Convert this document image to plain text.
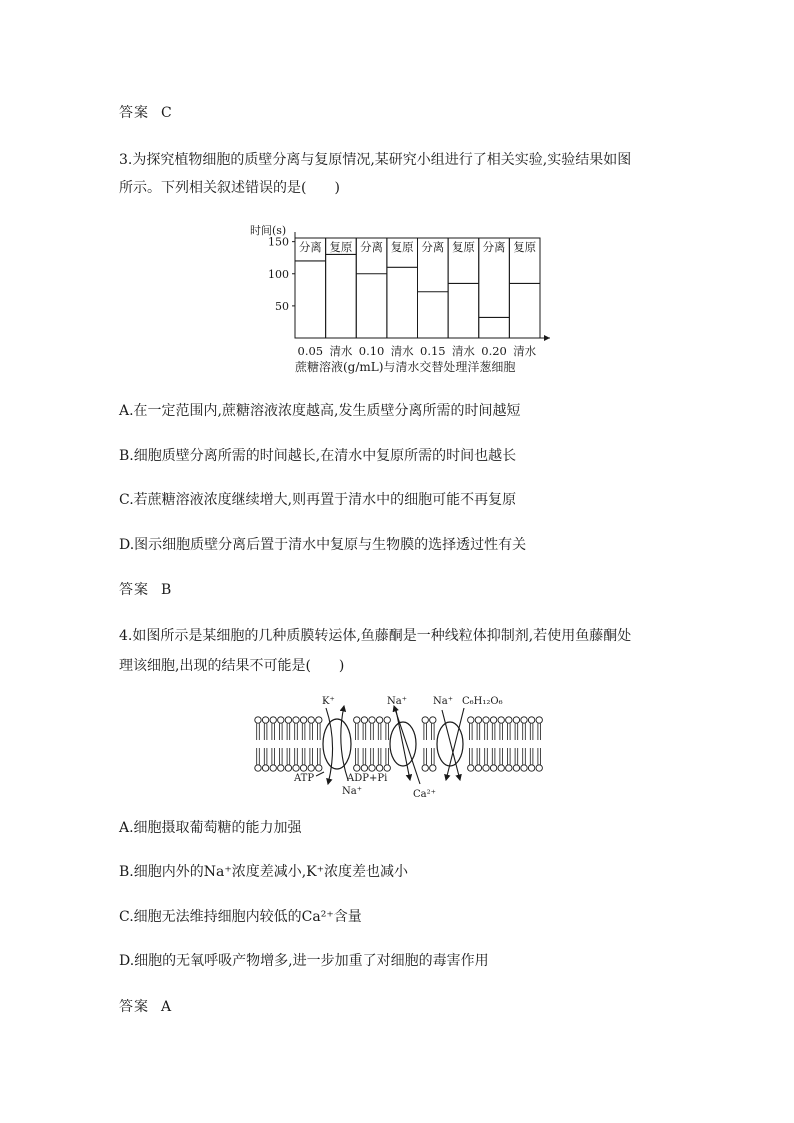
答案 C
3.为探究植物细胞的质壁分离与复原情况,某研究小组进行了相关实验,实验结果如图
所示。下列相关叙述错误的是(　　)
时间(s)
50
100
150 分离 复原 分离 复原 分离 复原 分离 复原
0.05 清水 0.10 清水 0.15 清水 0.20 清水
蔗糖溶液(g/mL)与清水交替处理洋葱细胞
A.在一定范围内,蔗糖溶液浓度越高,发生质壁分离所需的时间越短
B.细胞质壁分离所需的时间越长,在清水中复原所需的时间也越长
C.若蔗糖溶液浓度继续增大,则再置于清水中的细胞可能不再复原
D.图示细胞质壁分离后置于清水中复原与生物膜的选择透过性有关
答案 B
4.如图所示是某细胞的几种质膜转运体,鱼藤酮是一种线粒体抑制剂,若使用鱼藤酮处
理该细胞,出现的结果不可能是(　　)
K⁺	Na⁺	Na⁺ C₆H₁₂O₆
ATP	ADP+Pi
Na⁺	Ca²⁺
A.细胞摄取葡萄糖的能力加强
B.细胞内外的Na⁺浓度差减小,K⁺浓度差也减小
C.细胞无法维持细胞内较低的Ca²⁺含量
D.细胞的无氧呼吸产物增多,进一步加重了对细胞的毒害作用
答案 A
